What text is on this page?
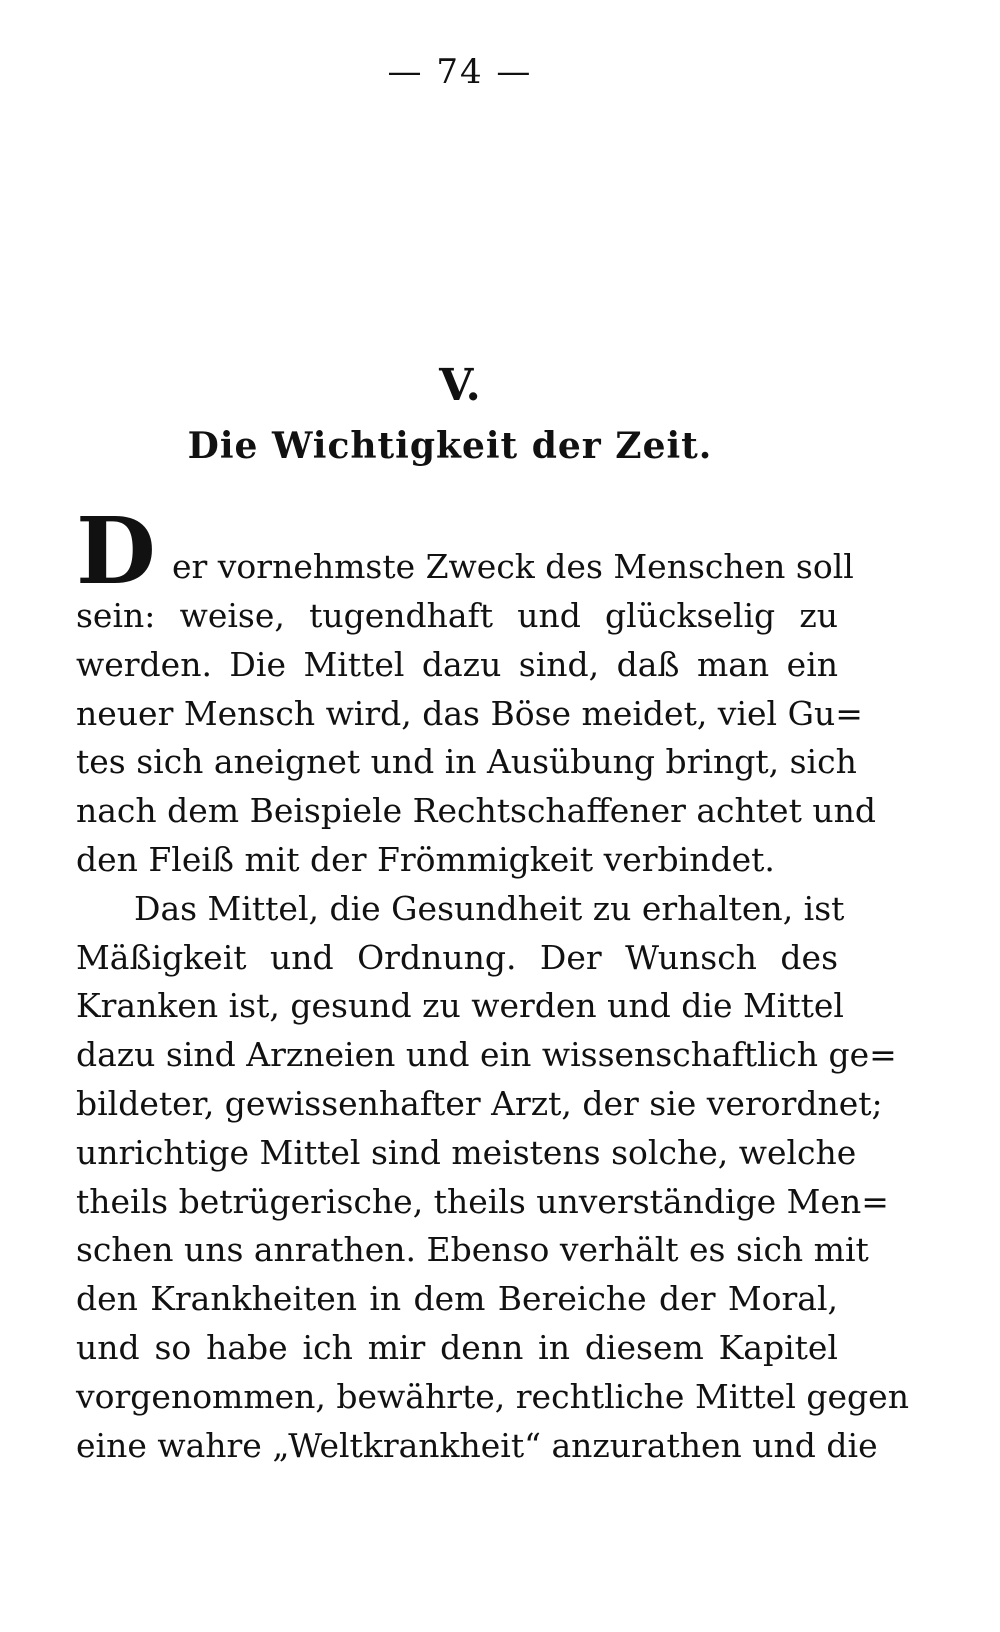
— 74 —
V.
Die Wichtigkeit der Zeit.
D er vornehmste Zweck des Menschen soll
sein: weise, tugendhaft und glückselig zu
werden. Die Mittel dazu sind, daß man ein
neuer Mensch wird, das Böse meidet, viel Gu=
tes sich aneignet und in Ausübung bringt, sich
nach dem Beispiele Rechtschaffener achtet und
den Fleiß mit der Frömmigkeit verbindet.
Das Mittel, die Gesundheit zu erhalten, ist
Mäßigkeit und Ordnung. Der Wunsch des
Kranken ist, gesund zu werden und die Mittel
dazu sind Arzneien und ein wissenschaftlich ge=
bildeter, gewissenhafter Arzt, der sie verordnet;
unrichtige Mittel sind meistens solche, welche
theils betrügerische, theils unverständige Men=
schen uns anrathen. Ebenso verhält es sich mit
den Krankheiten in dem Bereiche der Moral,
und so habe ich mir denn in diesem Kapitel
vorgenommen, bewährte, rechtliche Mittel gegen
eine wahre „Weltkrankheit“ anzurathen und die
